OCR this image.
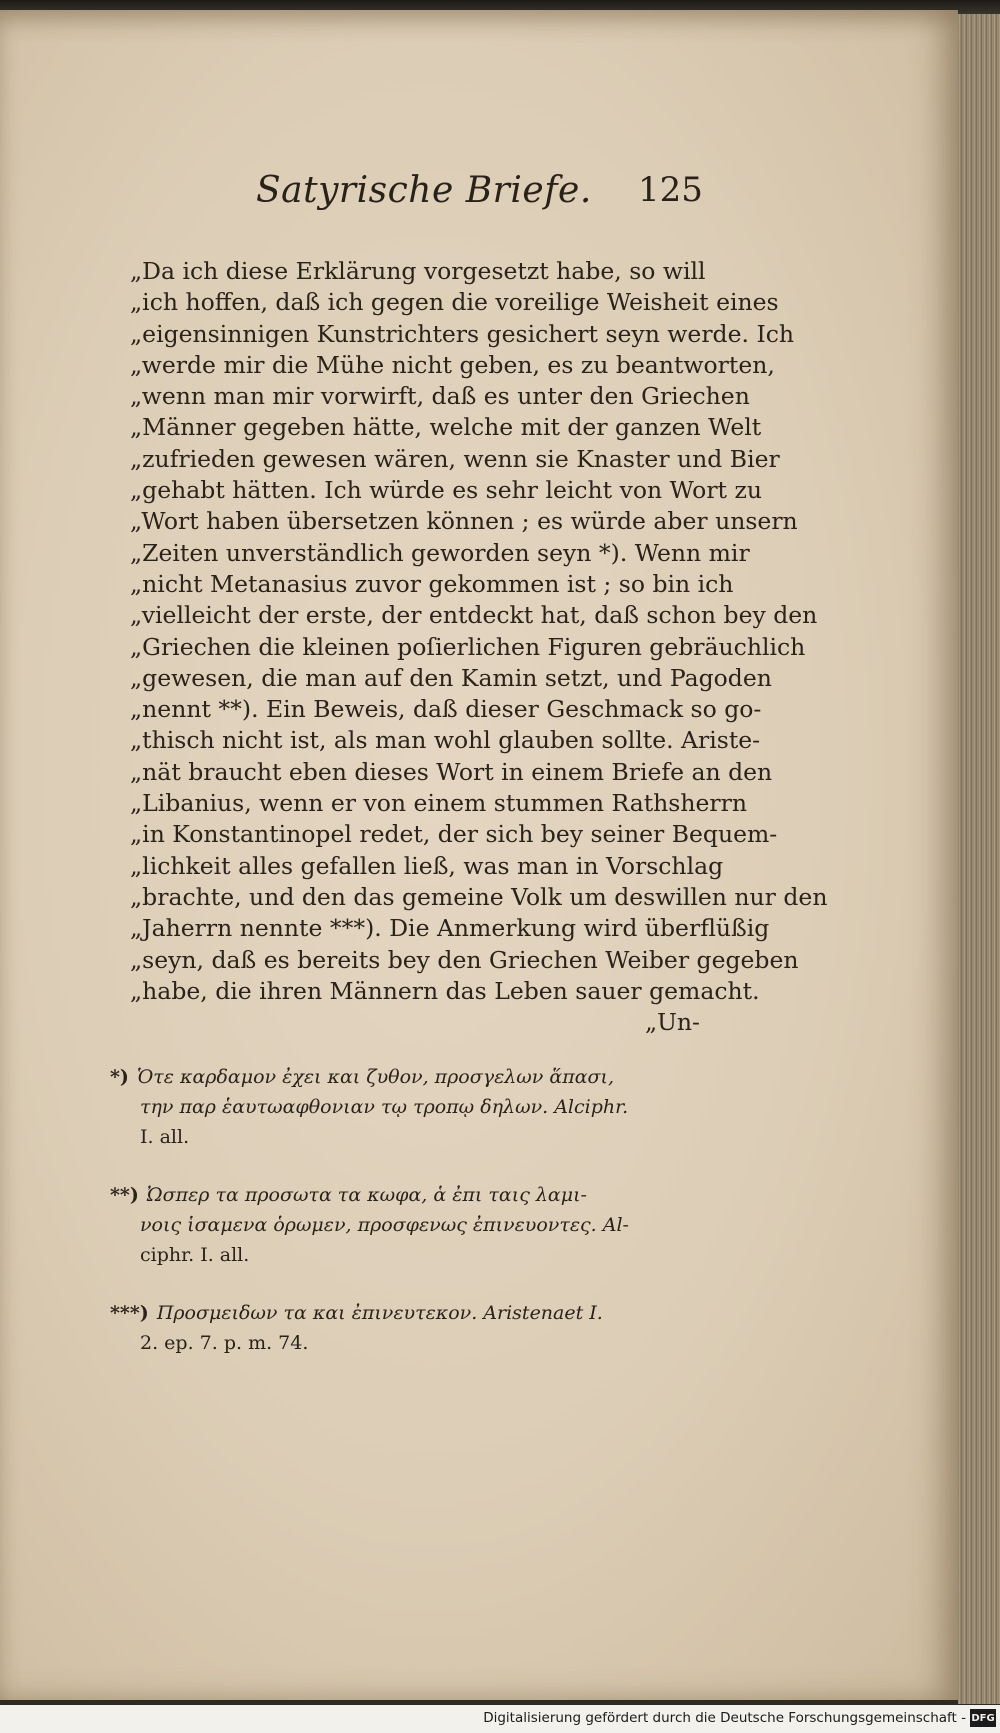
Satyrische Briefe. 125
„Da ich diese Erklärung vorgesetzt habe, so will
„ich hoffen, daß ich gegen die voreilige Weisheit eines
„eigensinnigen Kunstrichters gesichert seyn werde. Ich
„werde mir die Mühe nicht geben, es zu beantworten,
„wenn man mir vorwirft, daß es unter den Griechen
„Männer gegeben hätte, welche mit der ganzen Welt
„zufrieden gewesen wären, wenn sie Knaster und Bier
„gehabt hätten. Ich würde es sehr leicht von Wort zu
„Wort haben übersetzen können ; es würde aber unsern
„Zeiten unverständlich geworden seyn *). Wenn mir
„nicht Metanasius zuvor gekommen ist ; so bin ich
„vielleicht der erste, der entdeckt hat, daß schon bey den
„Griechen die kleinen poſierlichen Figuren gebräuchlich
„gewesen, die man auf den Kamin setzt, und Pagoden
„nennt **). Ein Beweis, daß dieser Geschmack so go-
„thisch nicht ist, als man wohl glauben sollte. Ariste-
„nät braucht eben dieses Wort in einem Briefe an den
„Libanius, wenn er von einem stummen Rathsherrn
„in Konstantinopel redet, der sich bey seiner Bequem-
„lichkeit alles gefallen ließ, was man in Vorschlag
„brachte, und den das gemeine Volk um deswillen nur den
„Jaherrn nennte ***). Die Anmerkung wird überflüßig
„seyn, daß es bereits bey den Griechen Weiber gegeben
„habe, die ihren Männern das Leben sauer gemacht.
„Un-
*) Ὁτε καρδαμον ἐχει και ζυθον, προσγελων ἅπασι,
την παρ ἑαυτωαφθονιαν τῳ τροπῳ δηλων. Alciphr.
I. all.
**) Ὠσπερ τα προσωτα τα κωφα, ἁ ἐπι ταις λαμι-
νοις ἱσαμενα ὁρωμεν, προσφενως ἐπινευοντες. Al-
ciphr. I. all.
***) Προσμειδων τα και ἐπινευτεκον. Aristenaet I.
2. ep. 7. p. m. 74.
Digitalisierung gefördert durch die Deutsche Forschungsgemeinschaft - DFG
